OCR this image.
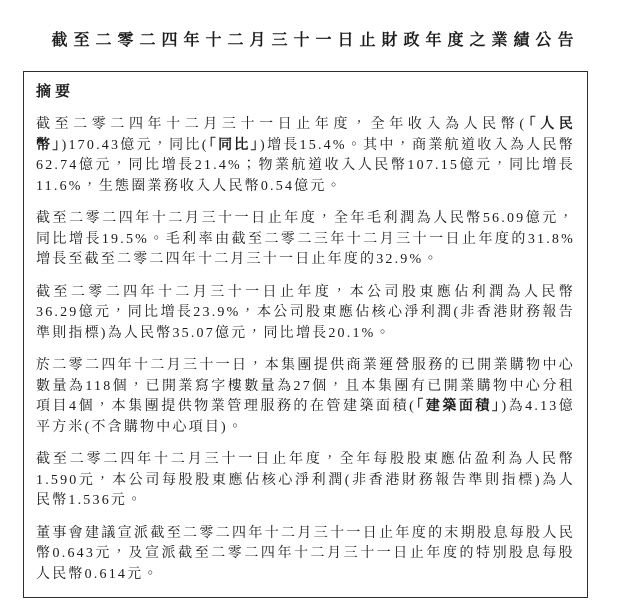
截至二零二四年十二月三十一日止財政年度之業績公告
摘要

截至二零二四年十二月三十一日止年度，全年收入為人民幣(「人民幣」)170.43億元，同比(「同比」)增長15.4%。其中，商業航道收入為人民幣62.74億元，同比增長21.4%；物業航道收入人民幣107.15億元，同比增長11.6%，生態圈業務收入人民幣0.54億元。

截至二零二四年十二月三十一日止年度，全年毛利潤為人民幣56.09億元，同比增長19.5%。毛利率由截至二零二三年十二月三十一日止年度的31.8%增長至截至二零二四年十二月三十一日止年度的32.9%。

截至二零二四年十二月三十一日止年度，本公司股東應佔利潤為人民幣36.29億元，同比增長23.9%，本公司股東應佔核心淨利潤(非香港財務報告準則指標)為人民幣35.07億元，同比增長20.1%。

於二零二四年十二月三十一日，本集團提供商業運營服務的已開業購物中心數量為118個，已開業寫字樓數量為27個，且本集團有已開業購物中心分租項目4個，本集團提供物業管理服務的在管建築面積(「建築面積」)為4.13億平方米(不含購物中心項目)。

截至二零二四年十二月三十一日止年度，全年每股股東應佔盈利為人民幣1.590元，本公司每股股東應佔核心淨利潤(非香港財務報告準則指標)為人民幣1.536元。

董事會建議宣派截至二零二四年十二月三十一日止年度的末期股息每股人民幣0.643元，及宣派截至二零二四年十二月三十一日止年度的特別股息每股人民幣0.614元。
